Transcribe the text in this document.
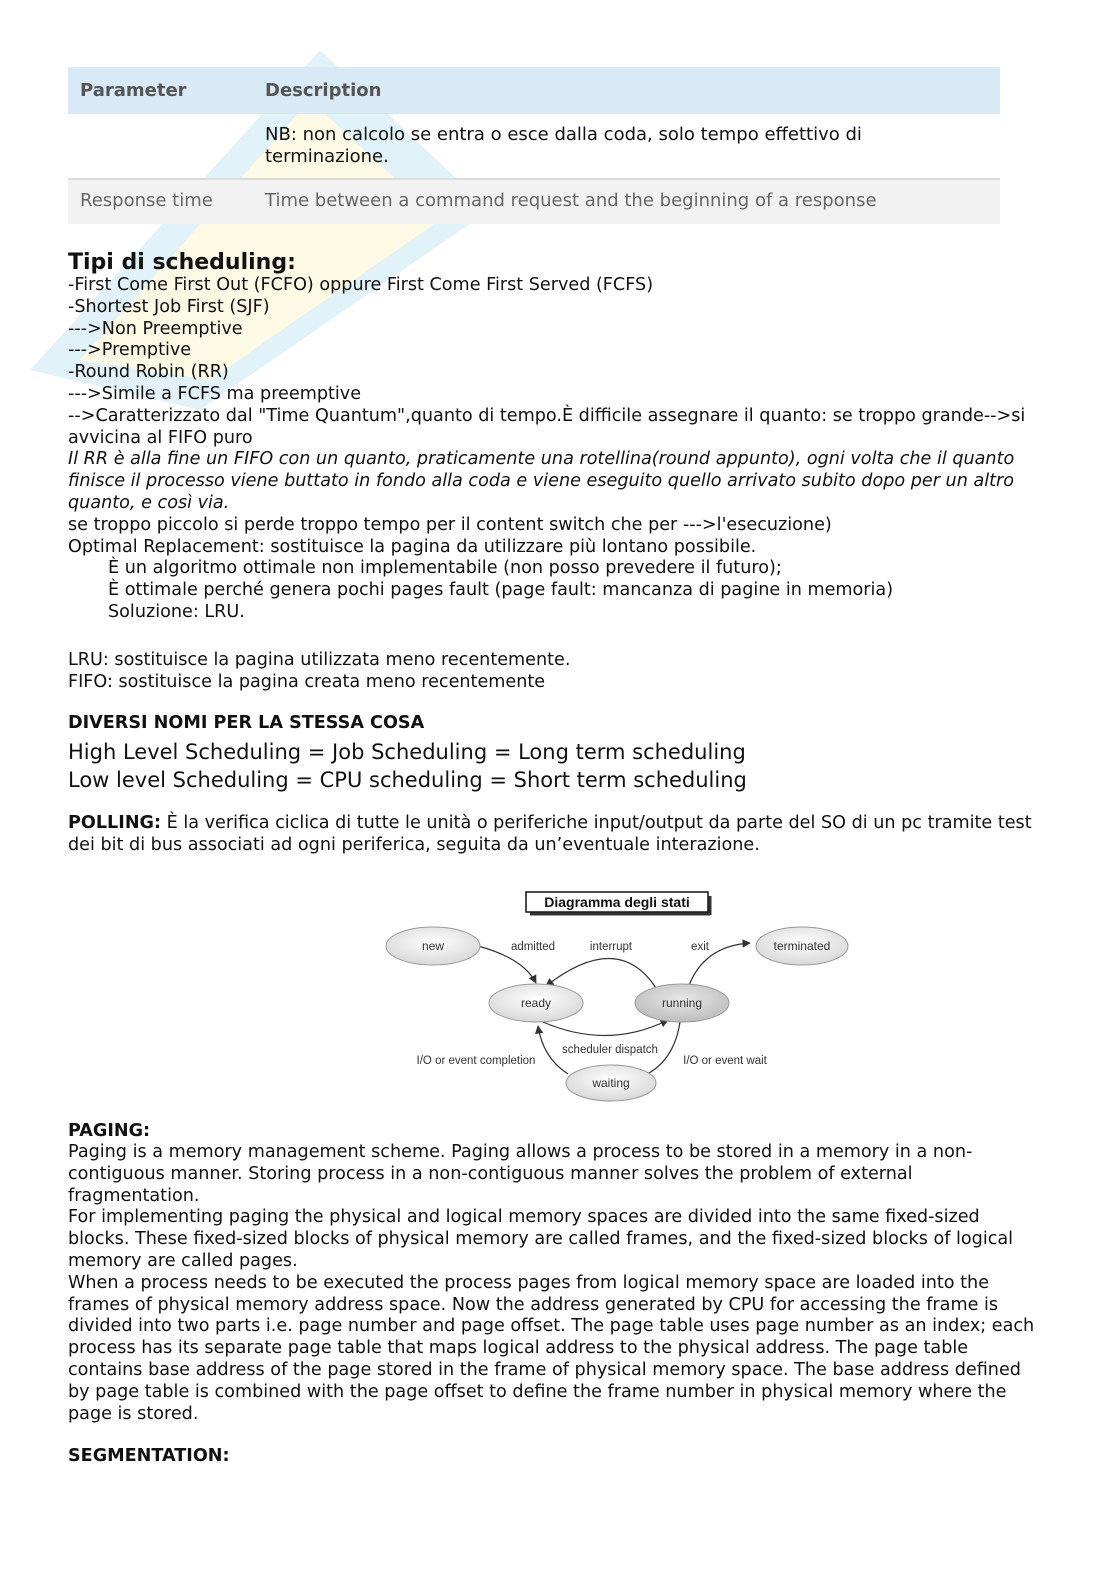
Parameter	Description
	NB: non calcolo se entra o esce dalla coda, solo tempo effettivo di terminazione.
Response time	Time between a command request and the beginning of a response
Tipi di scheduling:
-First Come First Out (FCFO) oppure First Come First Served (FCFS)
-Shortest Job First (SJF)
--->Non Preemptive
--->Premptive
-Round Robin (RR)
--->Simile a FCFS ma preemptive
-->Caratterizzato dal "Time Quantum",quanto di tempo.È difficile assegnare il quanto: se troppo grande-->si avvicina al FIFO puro
Il RR è alla fine un FIFO con un quanto, praticamente una rotellina(round appunto), ogni volta che il quanto finisce il processo viene buttato in fondo alla coda e viene eseguito quello arrivato subito dopo per un altro quanto, e così via.
se troppo piccolo si perde troppo tempo per il content switch che per --->l'esecuzione)
Optimal Replacement: sostituisce la pagina da utilizzare più lontano possibile.
È un algoritmo ottimale non implementabile (non posso prevedere il futuro);
È ottimale perché genera pochi pages fault (page fault: mancanza di pagine in memoria)
Soluzione: LRU.
LRU: sostituisce la pagina utilizzata meno recentemente.
FIFO: sostituisce la pagina creata meno recentemente
DIVERSI NOMI PER LA STESSA COSA
High Level Scheduling = Job Scheduling = Long term scheduling
Low level Scheduling = CPU scheduling = Short term scheduling
POLLING: È la verifica ciclica di tutte le unità o periferiche input/output da parte del SO di un pc tramite test dei bit di bus associati ad ogni periferica, seguita da un’eventuale interazione.
Diagramma degli stati
new	terminated
ready	running
waiting
admitted	interrupt	exit
scheduler dispatch
I/O or event completion	I/O or event wait
PAGING:
Paging is a memory management scheme. Paging allows a process to be stored in a memory in a non-contiguous manner. Storing process in a non-contiguous manner solves the problem of external fragmentation.
For implementing paging the physical and logical memory spaces are divided into the same fixed-sized blocks. These fixed-sized blocks of physical memory are called frames, and the fixed-sized blocks of logical memory are called pages.
When a process needs to be executed the process pages from logical memory space are loaded into the frames of physical memory address space. Now the address generated by CPU for accessing the frame is divided into two parts i.e. page number and page offset. The page table uses page number as an index; each process has its separate page table that maps logical address to the physical address. The page table contains base address of the page stored in the frame of physical memory space. The base address defined by page table is combined with the page offset to define the frame number in physical memory where the page is stored.
SEGMENTATION:
